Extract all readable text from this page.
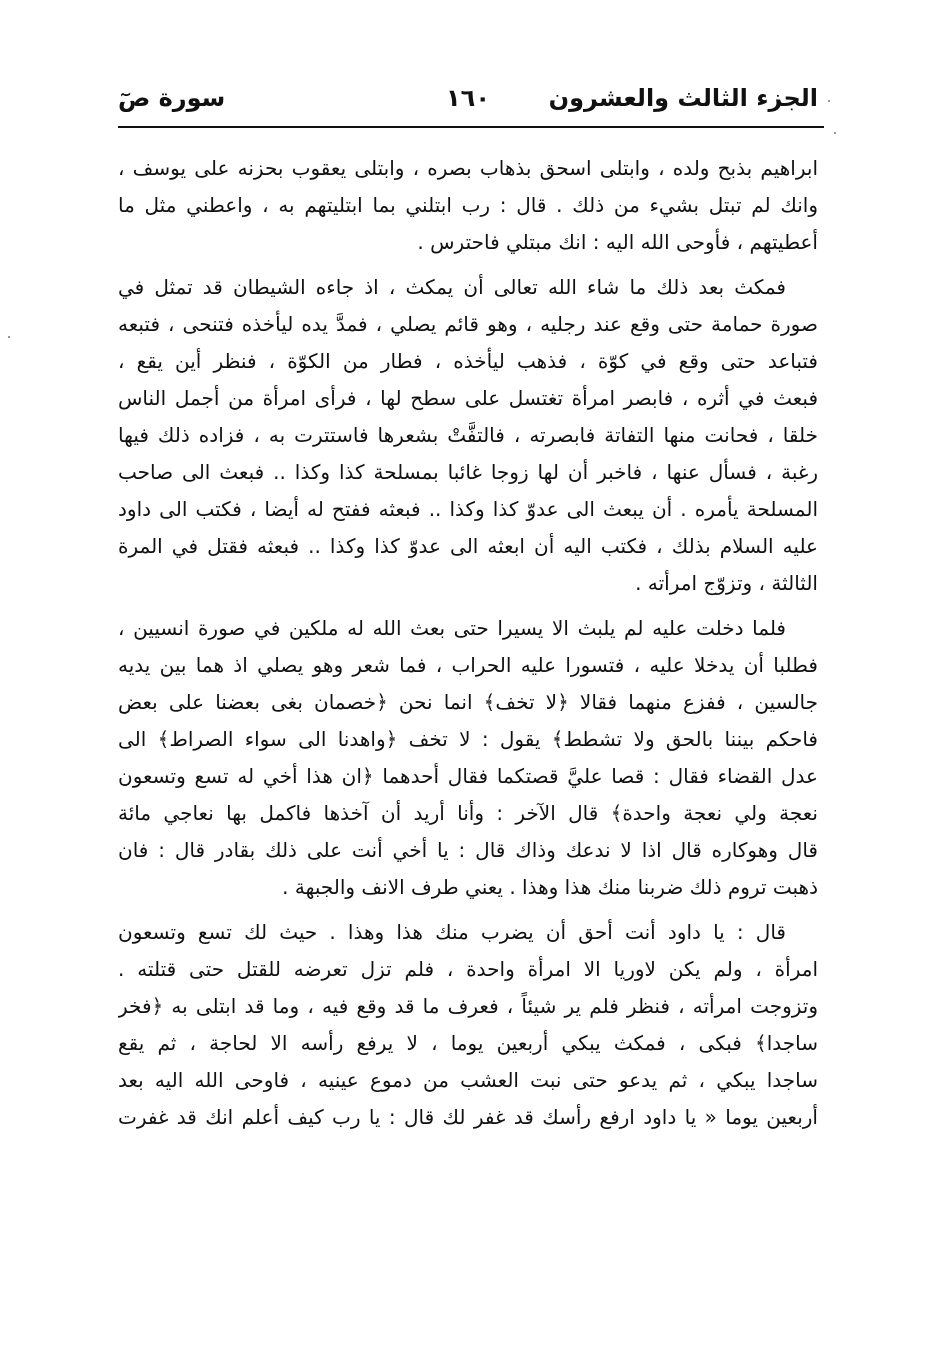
الجزء الثالث والعشرون
١٦٠
سورة صٓ
ابراهيم بذبح ولده ، وابتلى اسحق بذهاب بصره ، وابتلى يعقوب بحزنه على يوسف ،
وانك لم تبتل بشيء من ذلك . قال : رب ابتلني بما ابتليتهم به ، واعطني مثل ما
أعطيتهم ، فأوحى الله اليه : انك مبتلي فاحترس .
فمكث بعد ذلك ما شاء الله تعالى أن يمكث ، اذ جاءه الشيطان قد تمثل في
صورة حمامة حتى وقع عند رجليه ، وهو قائم يصلي ، فمدَّ يده ليأخذه فتنحى ، فتبعه
فتباعد حتى وقع في كوّة ، فذهب ليأخذه ، فطار من الكوّة ، فنظر أين يقع ،
فبعث في أثره ، فابصر امرأة تغتسل على سطح لها ، فرأى امرأة من أجمل الناس
خلقا ، فحانت منها التفاتة فابصرته ، فالتفَّتْ بشعرها فاستترت به ، فزاده ذلك فيها
رغبة ، فسأل عنها ، فاخبر أن لها زوجا غائبا بمسلحة كذا وكذا .. فبعث الى صاحب
المسلحة يأمره . أن يبعث الى عدوّ كذا وكذا .. فبعثه ففتح له أيضا ، فكتب الى داود
عليه السلام بذلك ، فكتب اليه أن ابعثه الى عدوّ كذا وكذا .. فبعثه فقتل في المرة
الثالثة ، وتزوّج امرأته .
فلما دخلت عليه لم يلبث الا يسيرا حتى بعث الله له ملكين في صورة انسيين ،
فطلبا أن يدخلا عليه ، فتسورا عليه الحراب ، فما شعر وهو يصلي اذ هما بين يديه
جالسين ، ففزع منهما فقالا ﴿لا تخف﴾ انما نحن ﴿خصمان بغى بعضنا على بعض
فاحكم بيننا بالحق ولا تشطط﴾ يقول : لا تخف ﴿واهدنا الى سواء الصراط﴾ الى
عدل القضاء فقال : قصا عليَّ قصتكما فقال أحدهما ﴿ان هذا أخي له تسع وتسعون
نعجة ولي نعجة واحدة﴾ قال الآخر : وأنا أريد أن آخذها فاكمل بها نعاجي مائة
قال وهوكاره قال اذا لا ندعك وذاك قال : يا أخي أنت على ذلك بقادر قال : فان
ذهبت تروم ذلك ضربنا منك هذا وهذا . يعني طرف الانف والجبهة .
قال : يا داود أنت أحق أن يضرب منك هذا وهذا . حيث لك تسع وتسعون
امرأة ، ولم يكن لاوريا الا امرأة واحدة ، فلم تزل تعرضه للقتل حتى قتلته .
وتزوجت امرأته ، فنظر فلم ير شيئاً ، فعرف ما قد وقع فيه ، وما قد ابتلى به ﴿فخر
ساجدا﴾ فبكى ، فمكث يبكي أربعين يوما ، لا يرفع رأسه الا لحاجة ، ثم يقع
ساجدا يبكي ، ثم يدعو حتى نبت العشب من دموع عينيه ، فاوحى الله اليه بعد
أربعين يوما « يا داود ارفع رأسك قد غفر لك قال : يا رب كيف أعلم انك قد غفرت
